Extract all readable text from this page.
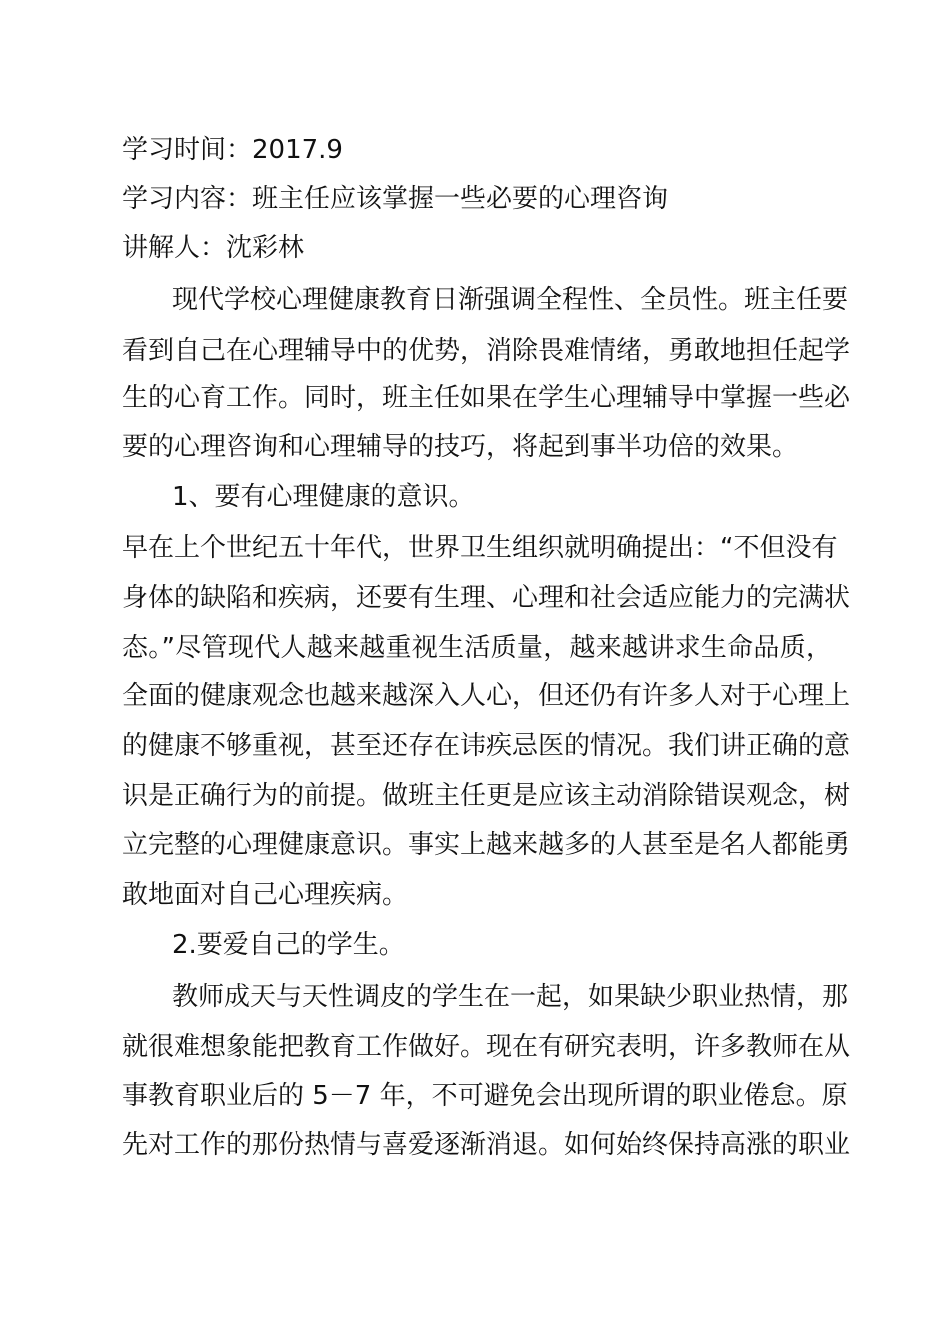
学习时间：2017.9
学习内容：班主任应该掌握一些必要的心理咨询
讲解人：沈彩林
现代学校心理健康教育日渐强调全程性、全员性。班主任要
看到自己在心理辅导中的优势，消除畏难情绪，勇敢地担任起学
生的心育工作。同时，班主任如果在学生心理辅导中掌握一些必
要的心理咨询和心理辅导的技巧，将起到事半功倍的效果。
1、要有心理健康的意识。
早在上个世纪五十年代，世界卫生组织就明确提出：“不但没有
身体的缺陷和疾病，还要有生理、心理和社会适应能力的完满状
态。”尽管现代人越来越重视生活质量，越来越讲求生命品质，
全面的健康观念也越来越深入人心，但还仍有许多人对于心理上
的健康不够重视，甚至还存在讳疾忌医的情况。我们讲正确的意
识是正确行为的前提。做班主任更是应该主动消除错误观念，树
立完整的心理健康意识。事实上越来越多的人甚至是名人都能勇
敢地面对自己心理疾病。
2.要爱自己的学生。
教师成天与天性调皮的学生在一起，如果缺少职业热情，那
就很难想象能把教育工作做好。现在有研究表明，许多教师在从
事教育职业后的 5－7 年，不可避免会出现所谓的职业倦怠。原
先对工作的那份热情与喜爱逐渐消退。如何始终保持高涨的职业
